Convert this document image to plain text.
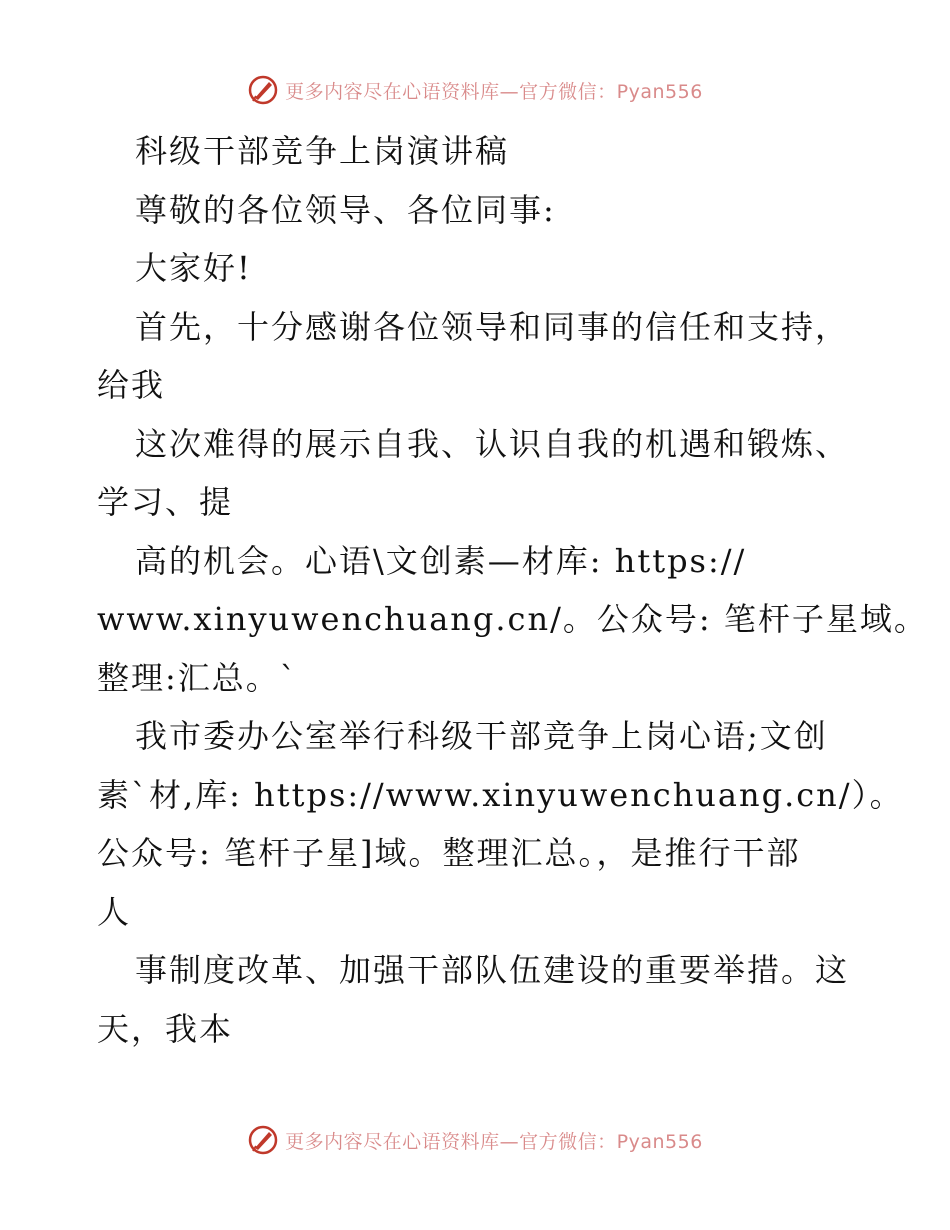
更多内容尽在心语资料库—官方微信：Pyan556

科级干部竞争上岗演讲稿

尊敬的各位领导、各位同事:

大家好!

首先，十分感谢各位领导和同事的信任和支持，

给我

这次难得的展示自我、认识自我的机遇和锻炼、

学习、提

高的机会。心语\文创素—材库: https://

www.xinyuwenchuang.cn/。公众号: 笔杆子星域。

整理:汇总。`

我市委办公室举行科级干部竞争上岗心语;文创

素`材,库: https://www.xinyuwenchuang.cn/）。

公众号: 笔杆子星]域。整理汇总。，是推行干部

人

事制度改革、加强干部队伍建设的重要举措。这

天，我本

更多内容尽在心语资料库—官方微信：Pyan556
